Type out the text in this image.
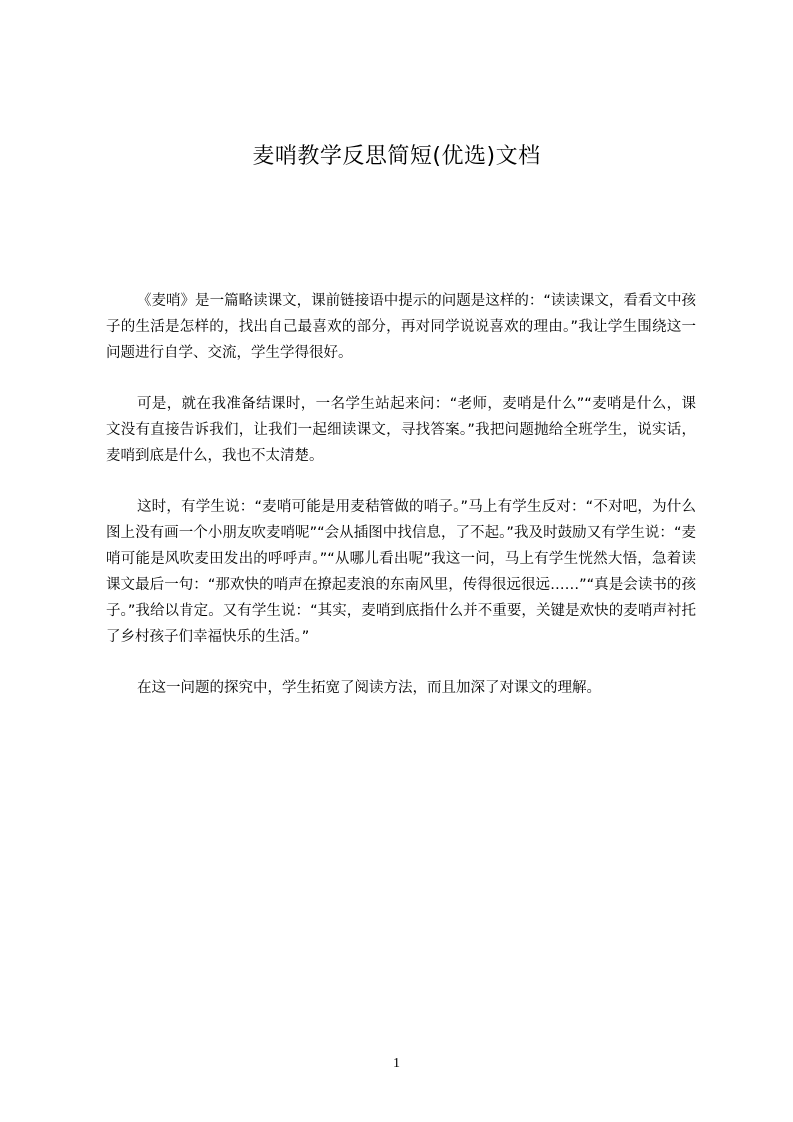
麦哨教学反思简短(优选)文档

《麦哨》是一篇略读课文，课前链接语中提示的问题是这样的：“读读课文，看看文中孩子的生活是怎样的，找出自己最喜欢的部分，再对同学说说喜欢的理由。”我让学生围绕这一问题进行自学、交流，学生学得很好。

可是，就在我准备结课时，一名学生站起来问：“老师，麦哨是什么”“麦哨是什么，课文没有直接告诉我们，让我们一起细读课文，寻找答案。”我把问题抛给全班学生，说实话，麦哨到底是什么，我也不太清楚。

这时，有学生说：“麦哨可能是用麦秸管做的哨子。”马上有学生反对：“不对吧，为什么图上没有画一个小朋友吹麦哨呢”“会从插图中找信息，了不起。”我及时鼓励又有学生说：“麦哨可能是风吹麦田发出的呼呼声。”“从哪儿看出呢”我这一问，马上有学生恍然大悟，急着读课文最后一句：“那欢快的哨声在撩起麦浪的东南风里，传得很远很远……”“真是会读书的孩子。”我给以肯定。又有学生说：“其实，麦哨到底指什么并不重要，关键是欢快的麦哨声衬托了乡村孩子们幸福快乐的生活。”

在这一问题的探究中，学生拓宽了阅读方法，而且加深了对课文的理解。

1
